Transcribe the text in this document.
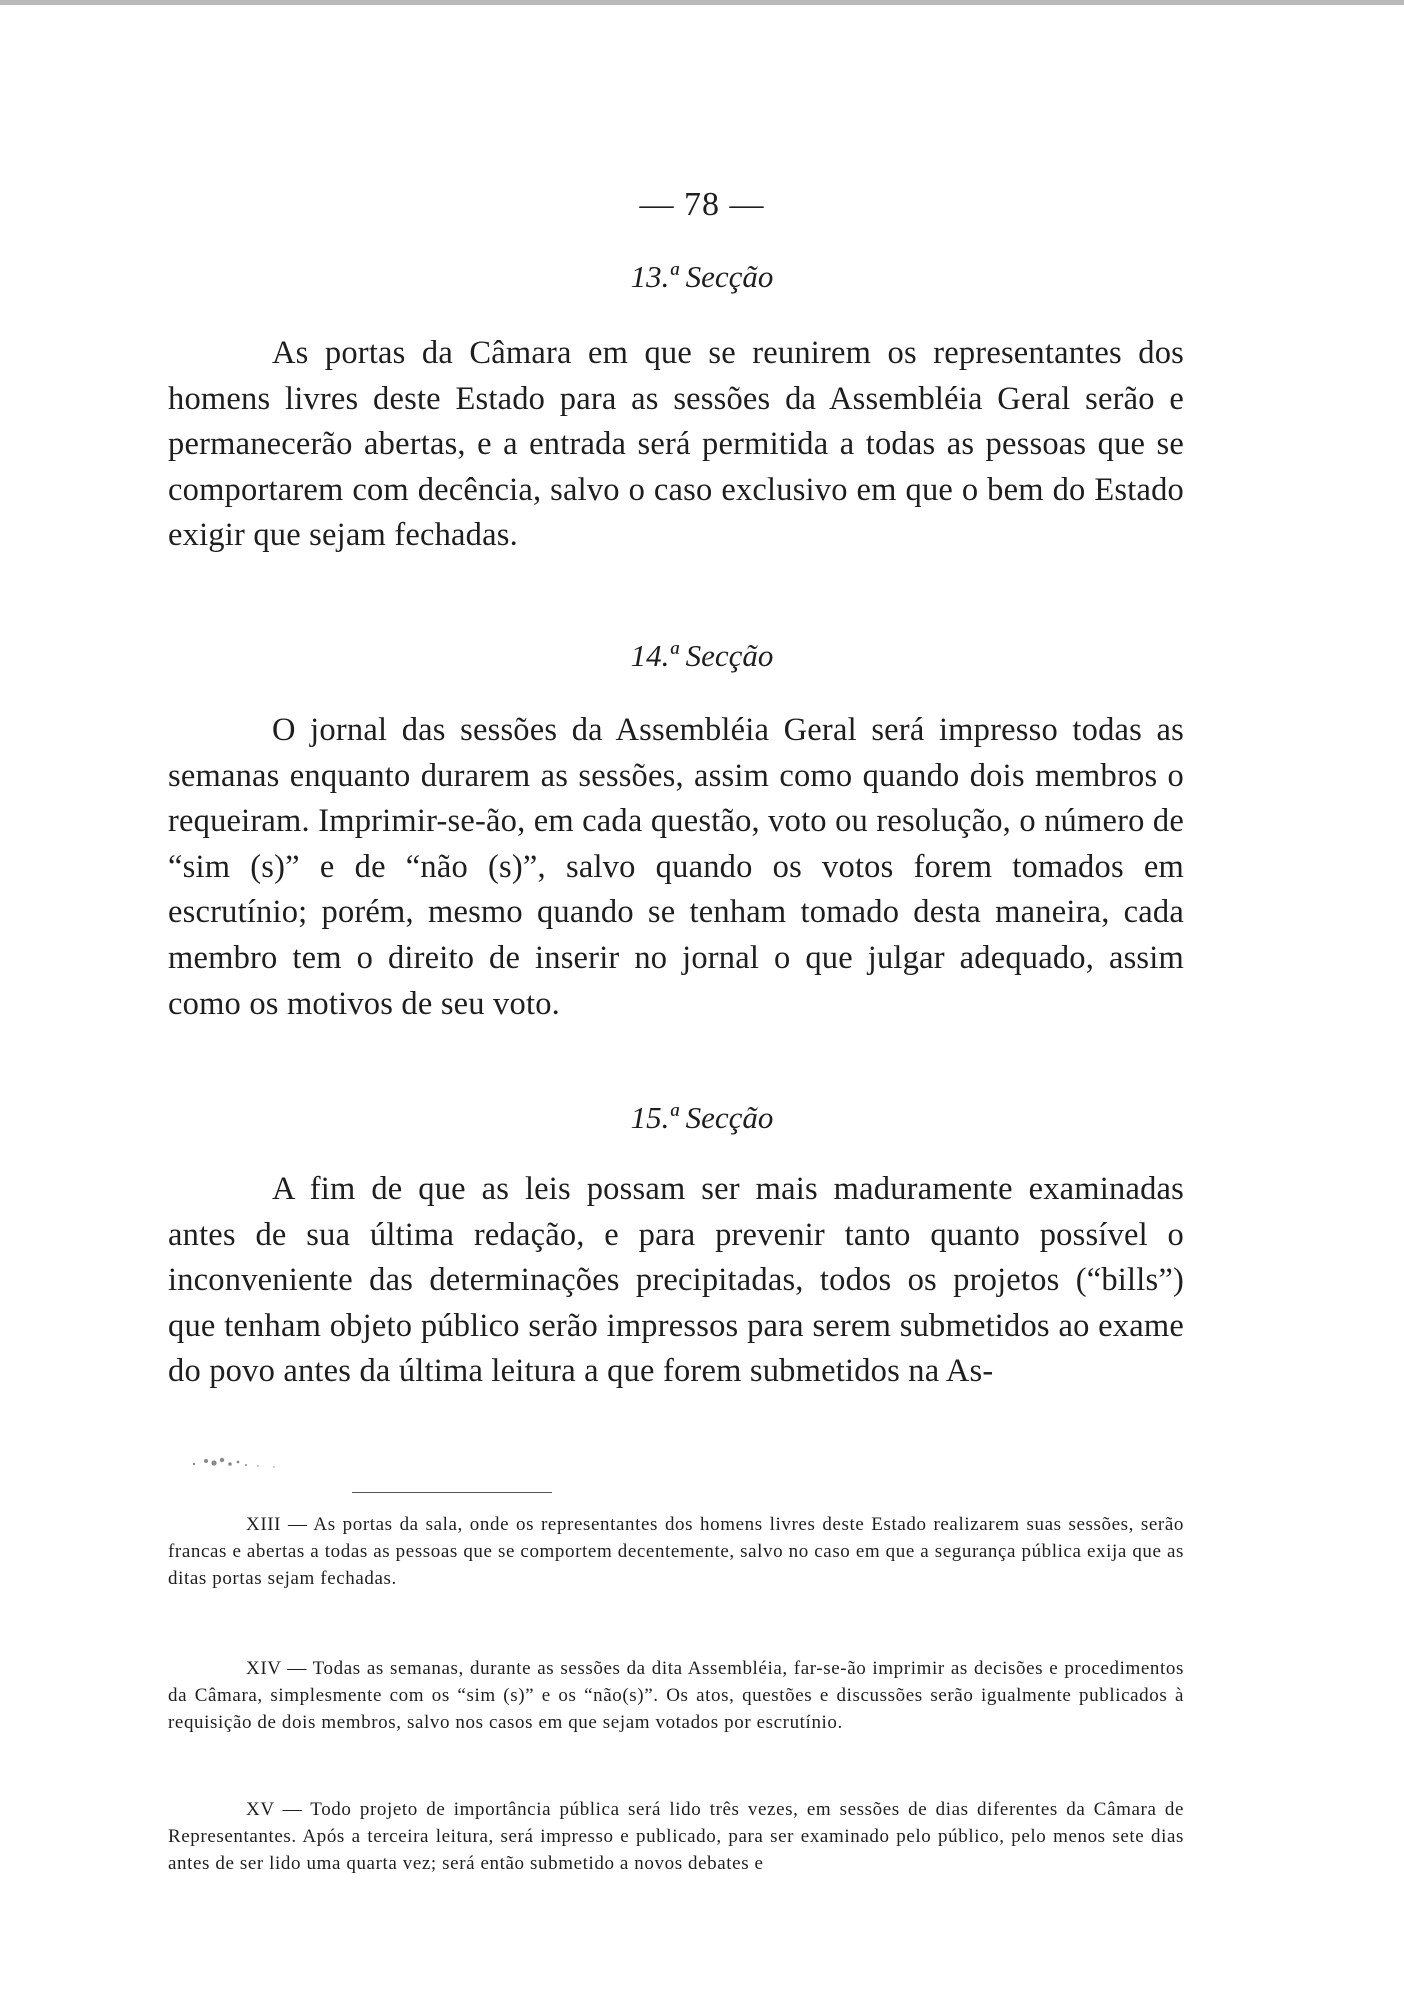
— 78 —
13.ª Secção

As portas da Câmara em que se reunirem os representantes dos homens livres deste Estado para as sessões da Assembléia Geral serão e permanecerão abertas, e a entrada será permitida a todas as pessoas que se comportarem com decência, salvo o caso exclusivo em que o bem do Estado exigir que sejam fechadas.

14.ª Secção

O jornal das sessões da Assembléia Geral será impresso todas as semanas enquanto durarem as sessões, assim como quando dois membros o requeiram. Imprimir-se-ão, em cada questão, voto ou resolução, o número de “sim (s)” e de “não (s)”, salvo quando os votos forem tomados em escrutínio; porém, mesmo quando se tenham tomado desta maneira, cada membro tem o direito de inserir no jornal o que julgar adequado, assim como os motivos de seu voto.

15.ª Secção

A fim de que as leis possam ser mais maduramente examinadas antes de sua última redação, e para prevenir tanto quanto possível o inconveniente das determinações precipitadas, todos os projetos (“bills”) que tenham objeto público serão impressos para serem submetidos ao exame do povo antes da última leitura a que forem submetidos na As-

XIII — As portas da sala, onde os representantes dos homens livres deste Estado realizarem suas sessões, serão francas e abertas a todas as pessoas que se comportem decentemente, salvo no caso em que a segurança pública exija que as ditas portas sejam fechadas.

XIV — Todas as semanas, durante as sessões da dita Assembléia, far-se-ão imprimir as decisões e procedimentos da Câmara, simplesmente com os “sim (s)” e os “não(s)”. Os atos, questões e discussões serão igualmente publicados à requisição de dois membros, salvo nos casos em que sejam votados por escrutínio.

XV — Todo projeto de importância pública será lido três vezes, em sessões de dias diferentes da Câmara de Representantes. Após a terceira leitura, será impresso e publicado, para ser examinado pelo público, pelo menos sete dias antes de ser lido uma quarta vez; será então submetido a novos debates e
